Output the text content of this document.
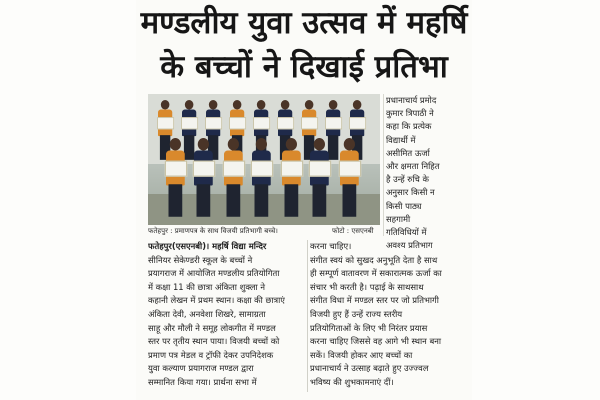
मण्डलीय युवा उत्सव में महर्षि
के बच्चों ने दिखाई प्रतिभा
फतेहपुर : प्रमाणपत्र के साथ विजयी प्रतिभागी बच्चे।	फोटो : एसएनबी
प्रधानाचार्य प्रमोद
कुमार त्रिपाठी ने
कहा कि प्रत्येक
विद्यार्थी में
असीमित ऊर्जा
और क्षमता निहित
है उन्हें रुचि के
अनुसार किसी न
किसी पाठ्य
सहगामी
गतिविधियों में
अवश्य प्रतिभाग
फतेहपुर(एसएनबी)। महर्षि विद्या मन्दिर
सीनियर सेकेण्डरी स्कूल के बच्चों ने
प्रयागराज में आयोजित मण्डलीय प्रतियोगिता
में कक्षा 11 की छात्रा अंकिता शुक्ला ने
कहानी लेखन में प्रथम स्थान। कक्षा की छात्राएं
अंकिता देवी, अनवेशा शिखरे, सामाग्रता
साहू और मौली ने समूह लोकगीत में मण्डल
स्तर पर तृतीय स्थान पाया। विजयी बच्चों को
प्रमाण पत्र मेडल व ट्रॉफी देकर उपनिदेशक
युवा कल्याण प्रयागराज मण्डल द्वारा
सम्मानित किया गया। प्रार्थना सभा में
करना चाहिए।
संगीत स्वयं को सुखद अनुभूति देता है साथ
ही सम्पूर्ण वातावरण में सकारात्मक ऊर्जा का
संचार भी करती है। पढ़ाई के साथसाथ
संगीत विधा में मण्डल स्तर पर जो प्रतिभागी
विजयी हुए हैं उन्हें राज्य स्तरीय
प्रतियोगिताओं के लिए भी निरंतर प्रयास
करना चाहिए जिससे वह आगे भी स्थान बना
सकें। विजयी होकर आए बच्चों का
प्रधानाचार्य ने उत्साह बढ़ाते हुए उज्ज्वल
भविष्य की शुभकामनाएं दीं।
